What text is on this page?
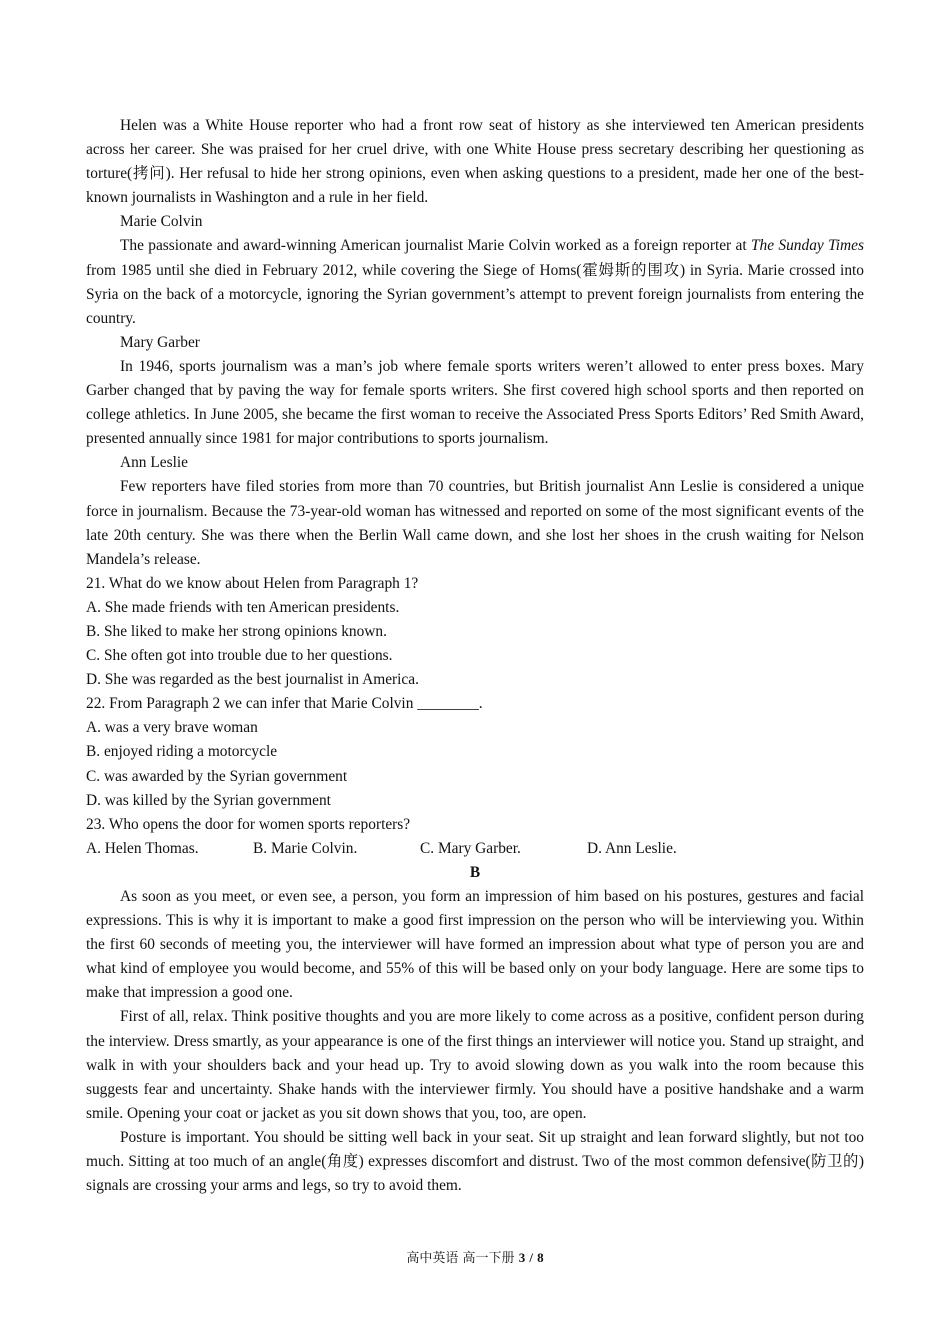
Helen was a White House reporter who had a front row seat of history as she interviewed ten American presidents across her career. She was praised for her cruel drive, with one White House press secretary describing her questioning as torture(拷问). Her refusal to hide her strong opinions, even when asking questions to a president, made her one of the best-known journalists in Washington and a rule in her field.

Marie Colvin

The passionate and award-winning American journalist Marie Colvin worked as a foreign reporter at The Sunday Times from 1985 until she died in February 2012, while covering the Siege of Homs(霍姆斯的围攻) in Syria. Marie crossed into Syria on the back of a motorcycle, ignoring the Syrian government’s attempt to prevent foreign journalists from entering the country.

Mary Garber

In 1946, sports journalism was a man’s job where female sports writers weren’t allowed to enter press boxes. Mary Garber changed that by paving the way for female sports writers. She first covered high school sports and then reported on college athletics. In June 2005, she became the first woman to receive the Associated Press Sports Editors’ Red Smith Award, presented annually since 1981 for major contributions to sports journalism.

Ann Leslie

Few reporters have filed stories from more than 70 countries, but British journalist Ann Leslie is considered a unique force in journalism. Because the 73-year-old woman has witnessed and reported on some of the most significant events of the late 20th century. She was there when the Berlin Wall came down, and she lost her shoes in the crush waiting for Nelson Mandela’s release.

21. What do we know about Helen from Paragraph 1?

A. She made friends with ten American presidents.

B. She liked to make her strong opinions known.

C. She often got into trouble due to her questions.

D. She was regarded as the best journalist in America.

22. From Paragraph 2 we can infer that Marie Colvin ________.

A. was a very brave woman

B. enjoyed riding a motorcycle

C. was awarded by the Syrian government

D. was killed by the Syrian government

23. Who opens the door for women sports reporters?

A. Helen Thomas.	B. Marie Colvin.	C. Mary Garber.	D. Ann Leslie.

B

As soon as you meet, or even see, a person, you form an impression of him based on his postures, gestures and facial expressions. This is why it is important to make a good first impression on the person who will be interviewing you. Within the first 60 seconds of meeting you, the interviewer will have formed an impression about what type of person you are and what kind of employee you would become, and 55% of this will be based only on your body language. Here are some tips to make that impression a good one.

First of all, relax. Think positive thoughts and you are more likely to come across as a positive, confident person during the interview. Dress smartly, as your appearance is one of the first things an interviewer will notice you. Stand up straight, and walk in with your shoulders back and your head up. Try to avoid slowing down as you walk into the room because this suggests fear and uncertainty. Shake hands with the interviewer firmly. You should have a positive handshake and a warm smile. Opening your coat or jacket as you sit down shows that you, too, are open.

Posture is important. You should be sitting well back in your seat. Sit up straight and lean forward slightly, but not too much. Sitting at too much of an angle(角度) expresses discomfort and distrust. Two of the most common defensive(防卫的) signals are crossing your arms and legs, so try to avoid them.

高中英语 高一下册 3 / 8
